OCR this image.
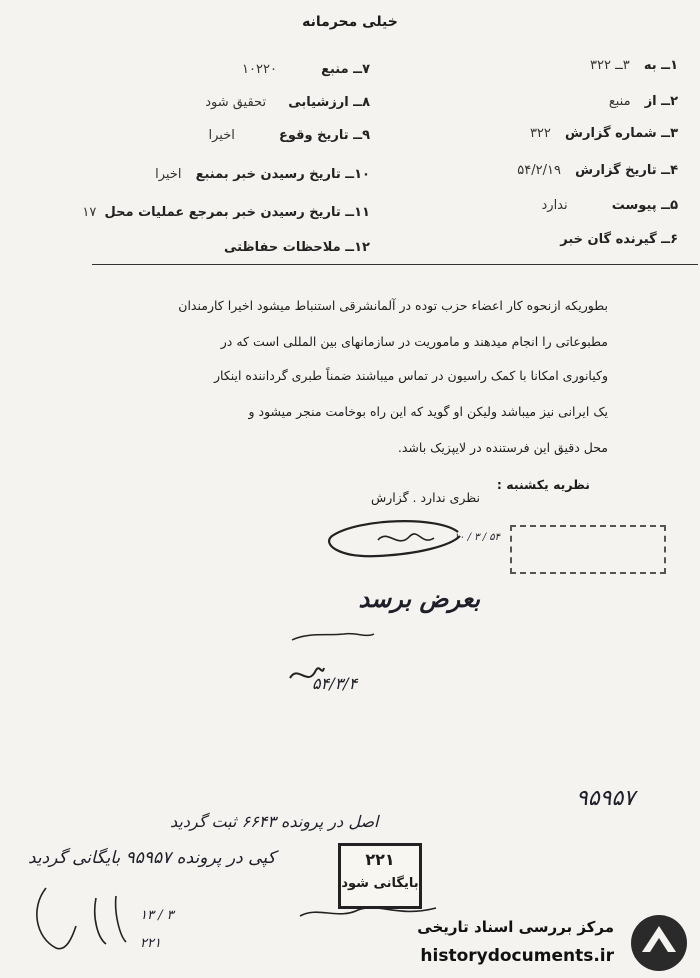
خیلی محرمانه
۱ــ به ۳ــ ۳۲۲
۲ــ از منبع
۳ــ شماره گزارش ۳۲۲
۴ــ تاریخ گزارش ۵۴/۲/۱۹
۵ــ پیوست ندارد
۶ــ گیرنده گان خبر
۷ــ منبع ۱۰۲۲۰
۸ــ ارزشیابی تحقیق شود
۹ــ تاریخ وقوع اخیرا
۱۰ــ تاریخ رسیدن خبر بمنبع اخیرا
۱۱ــ تاریخ رسیدن خبر بمرجع عملیات محل ۱۷
۱۲ــ ملاحظات حفاظتی
بطوریکه ازنحوه کار اعضاء حزب توده در آلمانشرقی استنباط میشود اخیرا کارمندان
مطبوعاتی را انجام میدهند و ماموریت در سازمانهای بین المللی است که در
وکیانوری امکانا با کمک راسیون در تماس میباشند ضمناً طبری گرداننده اینکار
یک ایرانی نیز میباشد ولیکن او گوید که این راه بوخامت منجر میشود و
محل دقیق این فرستنده در لایپزیک باشد.
نظریه یکشنبه :
نظری ندارد . گزارش
۱۰ / ۳ / ۵۴
بعرض برسد
۵۴/۳/۴
۹۵۹۵۷
اصل در پرونده ۶۶۴۳ ثبت گردید
کپی در پرونده ۹۵۹۵۷ بایگانی گردید
۱۳ / ۳
۲۲۱
۲۲۱
بایگانی شود
مرکز بررسی اسناد تاریخی
historydocuments.ir
